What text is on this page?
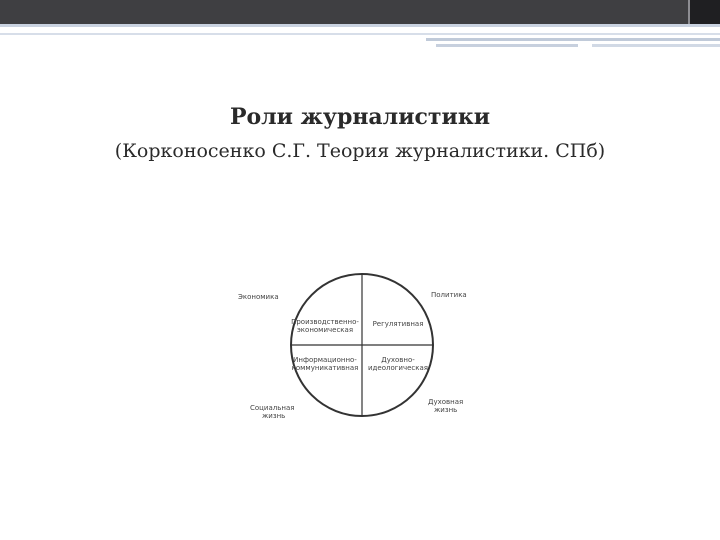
Роли журналистики
(Корконосенко С.Г. Теория журналистики. СПб)
Экономика	Политика
Социальная
жизнь
Духовная
жизнь
Производственно-
экономическая
Регулятивная
Информационно-
коммуникативная
Духовно-
идеологическая
